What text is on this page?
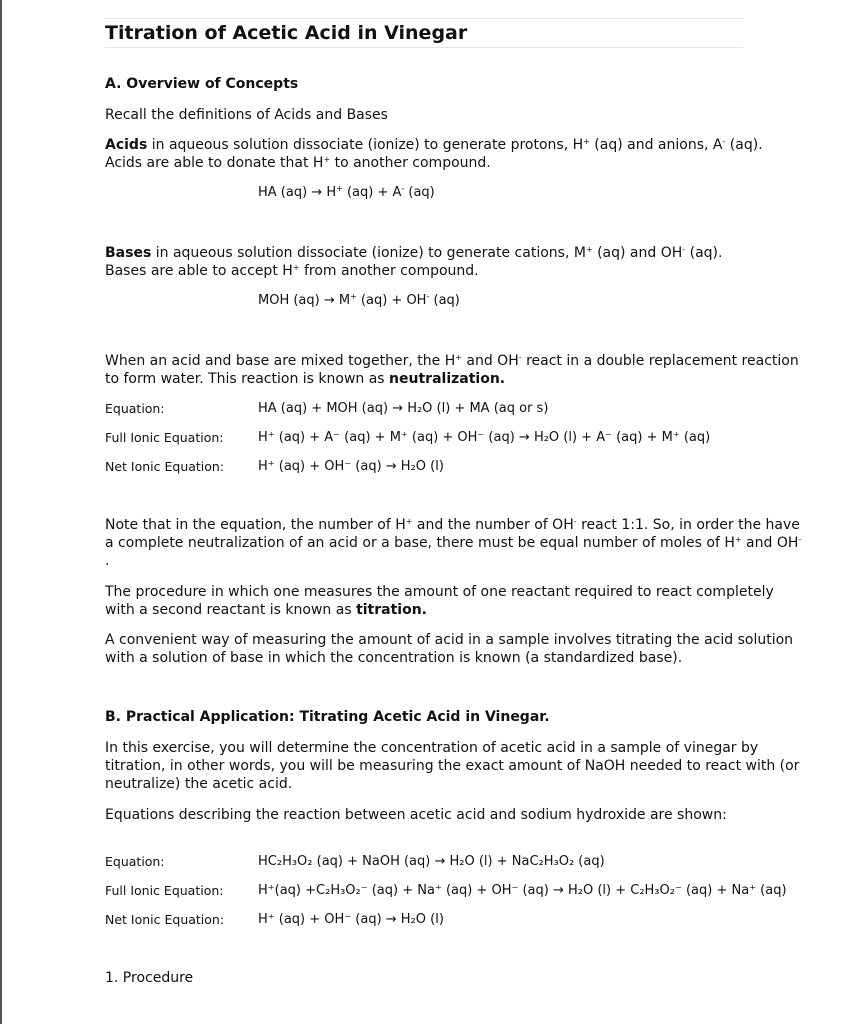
Titration of Acetic Acid in Vinegar
A. Overview of Concepts
Recall the definitions of Acids and Bases
Acids in aqueous solution dissociate (ionize) to generate protons, H+ (aq) and anions, A- (aq).
Acids are able to donate that H+ to another compound.
HA (aq) → H+ (aq) + A- (aq)
Bases in aqueous solution dissociate (ionize) to generate cations, M+ (aq) and OH- (aq).
Bases are able to accept H+ from another compound.
MOH (aq) → M+ (aq) + OH- (aq)
When an acid and base are mixed together, the H+ and OH- react in a double replacement reaction to form water. This reaction is known as neutralization.
Equation:	HA (aq) + MOH (aq) → H₂O (l) + MA (aq or s)
Full Ionic Equation:	H⁺ (aq) + A⁻ (aq) + M⁺ (aq) + OH⁻ (aq) → H₂O (l) + A⁻ (aq) + M⁺ (aq)
Net Ionic Equation:	H⁺ (aq) + OH⁻ (aq) → H₂O (l)
Note that in the equation, the number of H+ and the number of OH- react 1:1. So, in order the have a complete neutralization of an acid or a base, there must be equal number of moles of H+ and OH- .
The procedure in which one measures the amount of one reactant required to react completely with a second reactant is known as titration.
A convenient way of measuring the amount of acid in a sample involves titrating the acid solution with a solution of base in which the concentration is known (a standardized base).
B. Practical Application: Titrating Acetic Acid in Vinegar.
In this exercise, you will determine the concentration of acetic acid in a sample of vinegar by titration, in other words, you will be measuring the exact amount of NaOH needed to react with (or neutralize) the acetic acid.
Equations describing the reaction between acetic acid and sodium hydroxide are shown:
Equation:	HC₂H₃O₂ (aq) + NaOH (aq) → H₂O (l) + NaC₂H₃O₂ (aq)
Full Ionic Equation:	H⁺(aq) +C₂H₃O₂⁻ (aq) + Na⁺ (aq) + OH⁻ (aq) → H₂O (l) + C₂H₃O₂⁻ (aq) + Na⁺ (aq)
Net Ionic Equation:	H⁺ (aq) + OH⁻ (aq) → H₂O (l)
1. Procedure
